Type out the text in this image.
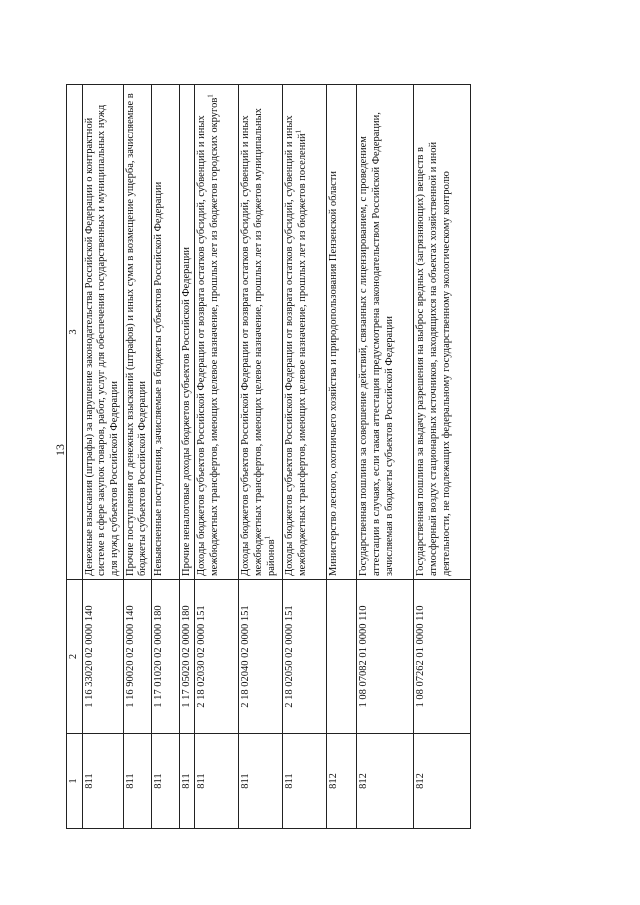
13
1	2	3
811	1 16 33020 02 0000 140	Денежные взыскания (штрафы) за нарушение законодательства Российской Федерации о контрактной системе в сфере закупок товаров, работ, услуг для обеспечения государственных и муниципальных нужд для нужд субъектов Российской Федерации
811	1 16 90020 02 0000 140	Прочие поступления от денежных взысканий (штрафов) и иных сумм в возмещение ущерба, зачисляемые в бюджеты субъектов Российской Федерации
811	1 17 01020 02 0000 180	Невыясненные поступления, зачисляемые в бюджеты субъектов Российской Федерации
811	1 17 05020 02 0000 180	Прочие неналоговые доходы бюджетов субъектов Российской Федерации
811	2 18 02030 02 0000 151	Доходы бюджетов субъектов Российской Федерации от возврата остатков субсидий, субвенций и иных межбюджетных трансфертов, имеющих целевое назначение, прошлых лет из бюджетов городских округов$^1$
811	2 18 02040 02 0000 151	Доходы бюджетов субъектов Российской Федерации от возврата остатков субсидий, субвенций и иных межбюджетных трансфертов, имеющих целевое назначение, прошлых лет из бюджетов муниципальных районов$^1$
811	2 18 02050 02 0000 151	Доходы бюджетов субъектов Российской Федерации от возврата остатков субсидий, субвенций и иных межбюджетных трансфертов, имеющих целевое назначение, прошлых лет из бюджетов поселений$^1$
812		Министерство лесного, охотничьего хозяйства и природопользования Пензенской области
812	1 08 07082 01 0000 110	Государственная пошлина за совершение действий, связанных с лицензированием, с проведением аттестации в случаях, если такая аттестация предусмотрена законодательством Российской Федерации, зачисляемая в бюджеты субъектов Российской Федерации
812	1 08 07262 01 0000 110	Государственная пошлина за выдачу разрешения на выброс вредных (загрязняющих) веществ в атмосферный воздух стационарных источников, находящихся на объектах хозяйственной и иной деятельности, не подлежащих федеральному государственному экологическому контролю
